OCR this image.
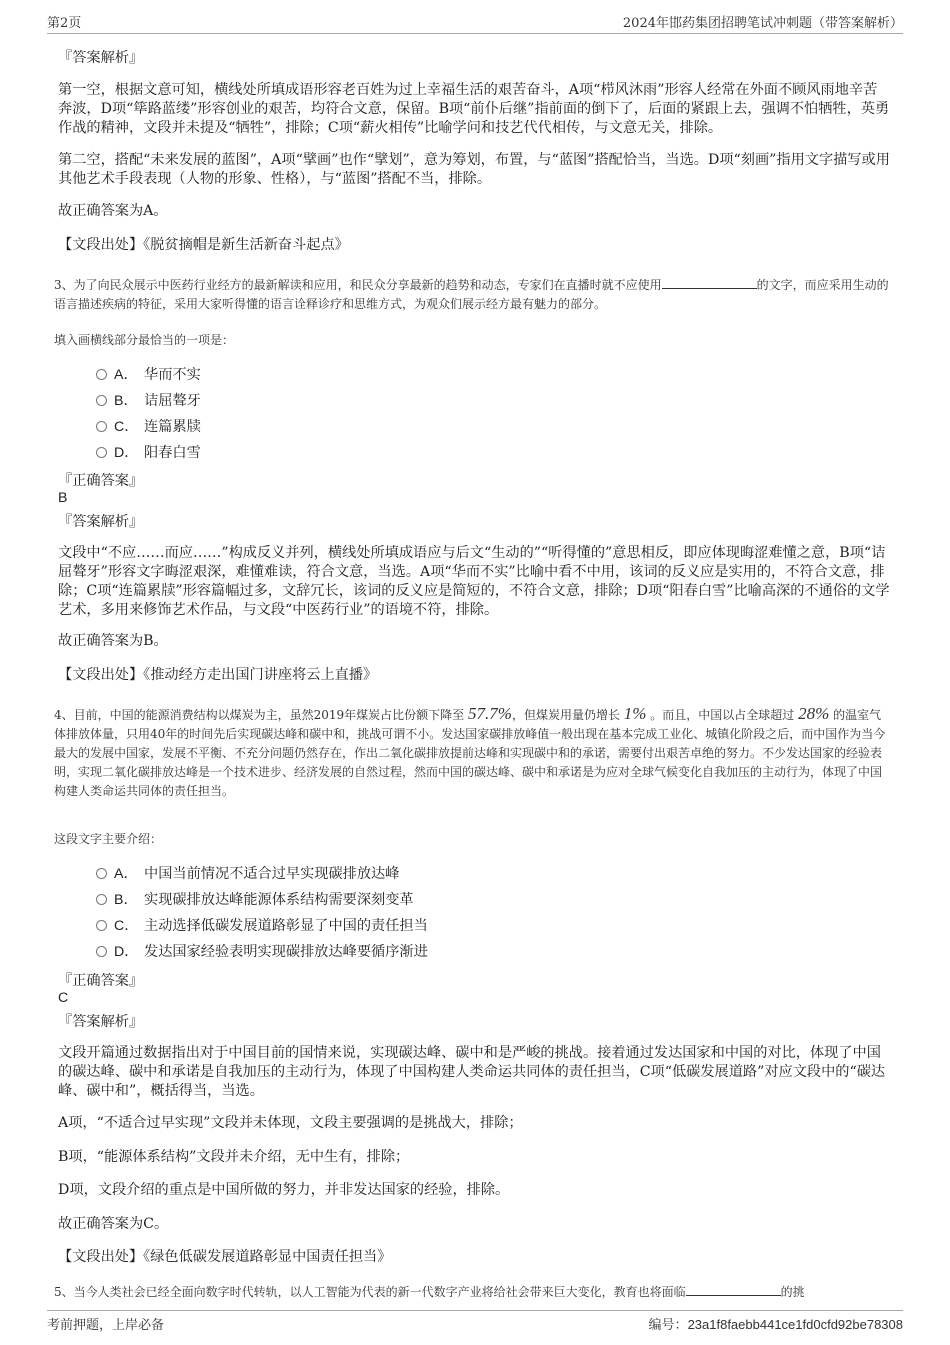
第2页	2024年邯药集团招聘笔试冲刺题（带答案解析）
『答案解析』
第一空，根据文意可知，横线处所填成语形容老百姓为过上幸福生活的艰苦奋斗，A项“栉风沐雨”形容人经常在外面不顾风雨地辛苦奔波，D项“筚路蓝缕”形容创业的艰苦，均符合文意，保留。B项“前仆后继”指前面的倒下了，后面的紧跟上去，强调不怕牺牲，英勇作战的精神，文段并未提及“牺牲”，排除；C项“薪火相传”比喻学问和技艺代代相传，与文意无关，排除。
第二空，搭配“未来发展的蓝图”，A项“擘画”也作“擘划”，意为筹划，布置，与“蓝图”搭配恰当，当选。D项“刻画”指用文字描写或用其他艺术手段表现（人物的形象、性格），与“蓝图”搭配不当，排除。
故正确答案为A。
【文段出处】《脱贫摘帽是新生活新奋斗起点》
3、为了向民众展示中医药行业经方的最新解读和应用，和民众分享最新的趋势和动态，专家们在直播时就不应使用	的文字，而应采用生动的语言描述疾病的特征，采用大家听得懂的语言诠释诊疗和思维方式，为观众们展示经方最有魅力的部分。
填入画横线部分最恰当的一项是：
A． 华而不实
B． 诘屈聱牙
C． 连篇累牍
D． 阳春白雪
『正确答案』
B
『答案解析』
文段中“不应……而应……”构成反义并列，横线处所填成语应与后文“生动的”“听得懂的”意思相反，即应体现晦涩难懂之意，B项“诘屈聱牙”形容文字晦涩艰深，难懂难读，符合文意，当选。A项“华而不实”比喻中看不中用，该词的反义应是实用的，不符合文意，排除；C项“连篇累牍”形容篇幅过多，文辞冗长，该词的反义应是简短的，不符合文意，排除；D项“阳春白雪”比喻高深的不通俗的文学艺术，多用来修饰艺术作品，与文段“中医药行业”的语境不符，排除。
故正确答案为B。
【文段出处】《推动经方走出国门讲座将云上直播》
4、目前，中国的能源消费结构以煤炭为主，虽然2019年煤炭占比份额下降至 57.7%，但煤炭用量仍增长 1% 。而且，中国以占全球超过 28% 的温室气体排放体量，只用40年的时间先后实现碳达峰和碳中和，挑战可谓不小。发达国家碳排放峰值一般出现在基本完成工业化、城镇化阶段之后，而中国作为当今最大的发展中国家，发展不平衡、不充分问题仍然存在，作出二氧化碳排放提前达峰和实现碳中和的承诺，需要付出艰苦卓绝的努力。不少发达国家的经验表明，实现二氧化碳排放达峰是一个技术进步、经济发展的自然过程，然而中国的碳达峰、碳中和承诺是为应对全球气候变化自我加压的主动行为，体现了中国构建人类命运共同体的责任担当。
这段文字主要介绍：
A． 中国当前情况不适合过早实现碳排放达峰
B． 实现碳排放达峰能源体系结构需要深刻变革
C． 主动选择低碳发展道路彰显了中国的责任担当
D． 发达国家经验表明实现碳排放达峰要循序渐进
『正确答案』
C
『答案解析』
文段开篇通过数据指出对于中国目前的国情来说，实现碳达峰、碳中和是严峻的挑战。接着通过发达国家和中国的对比，体现了中国的碳达峰、碳中和承诺是自我加压的主动行为，体现了中国构建人类命运共同体的责任担当，C项“低碳发展道路”对应文段中的“碳达峰、碳中和”，概括得当，当选。
A项，“不适合过早实现”文段并未体现，文段主要强调的是挑战大，排除；
B项，“能源体系结构”文段并未介绍，无中生有，排除；
D项，文段介绍的重点是中国所做的努力，并非发达国家的经验，排除。
故正确答案为C。
【文段出处】《绿色低碳发展道路彰显中国责任担当》
5、当今人类社会已经全面向数字时代转轨，以人工智能为代表的新一代数字产业将给社会带来巨大变化，教育也将面临	的挑
考前押题，上岸必备	编号：23a1f8faebb441ce1fd0cfd92be78308
